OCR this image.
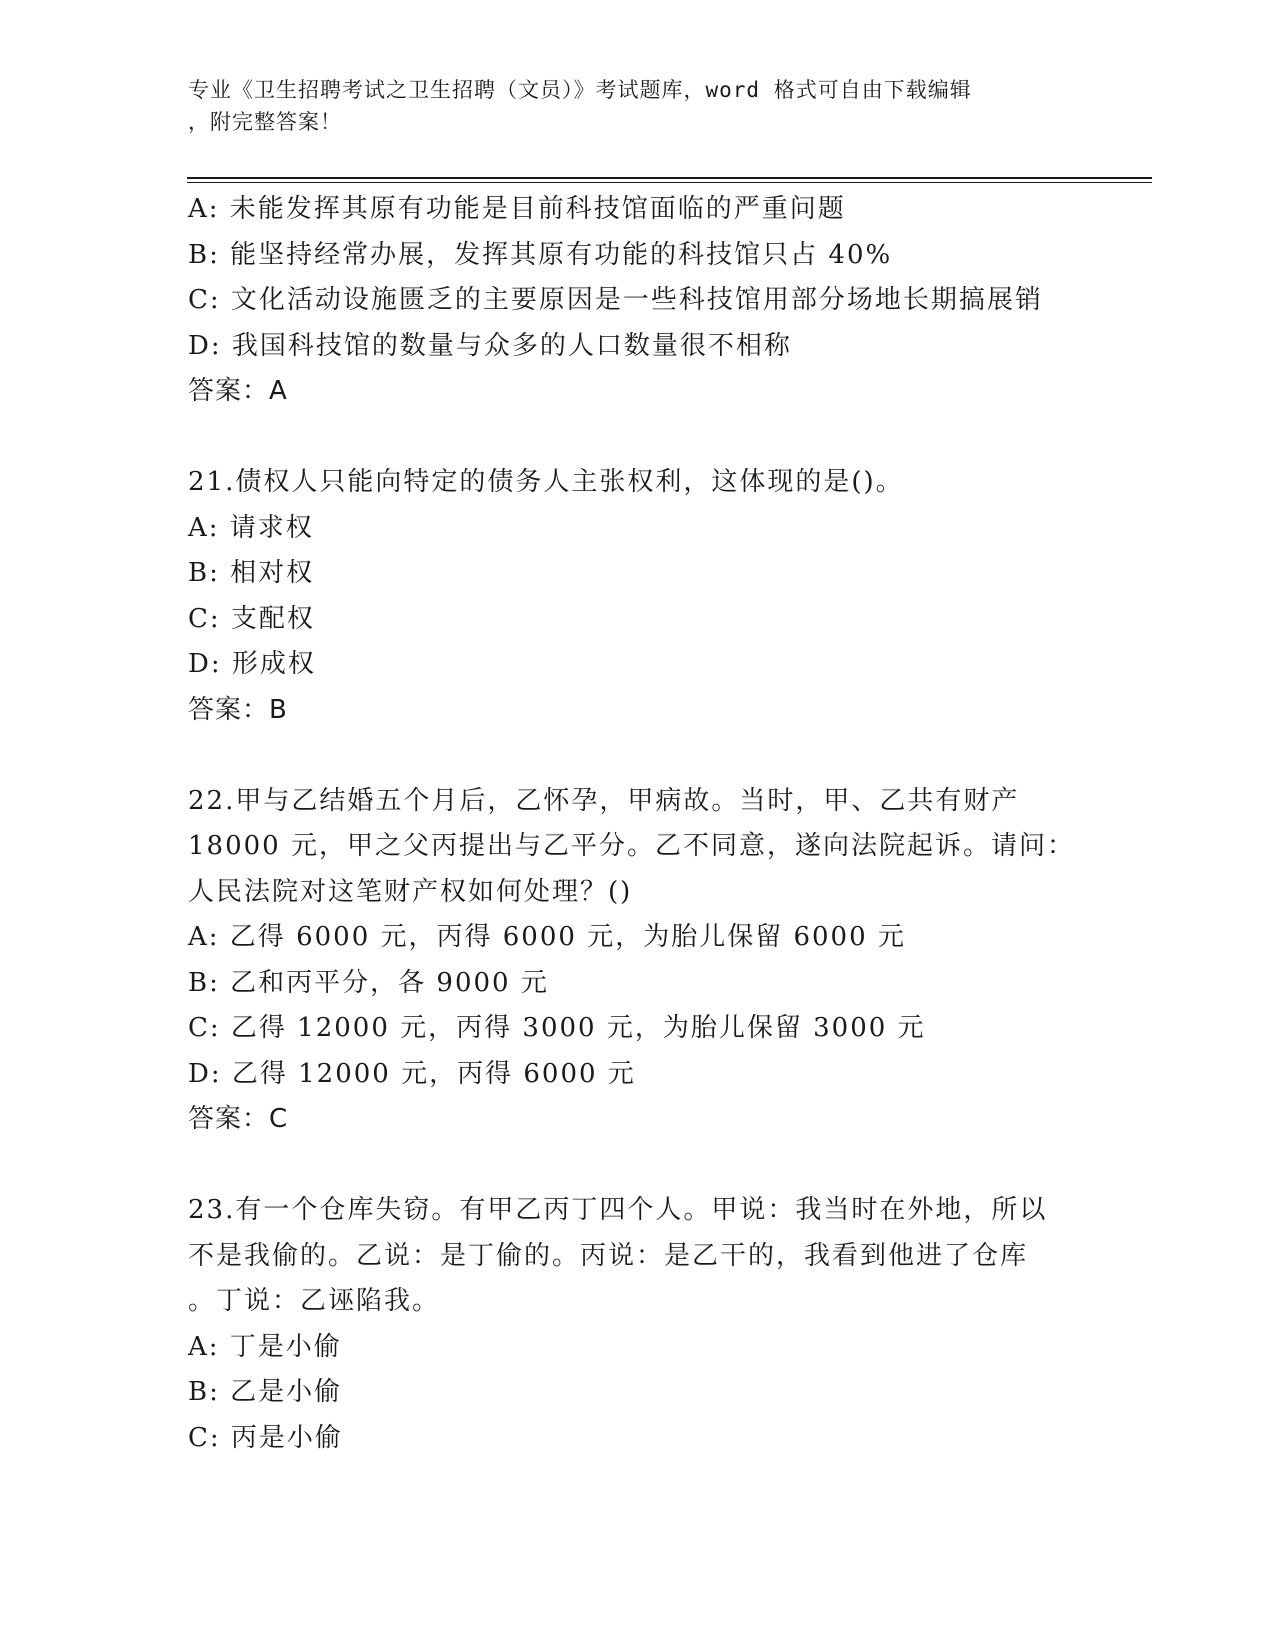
专业《卫生招聘考试之卫生招聘（文员）》考试题库，word 格式可自由下载编辑
，附完整答案！
A: 未能发挥其原有功能是目前科技馆面临的严重问题
B: 能坚持经常办展，发挥其原有功能的科技馆只占 40%
C: 文化活动设施匮乏的主要原因是一些科技馆用部分场地长期搞展销
D: 我国科技馆的数量与众多的人口数量很不相称
答案：A
21.债权人只能向特定的债务人主张权利，这体现的是()。
A: 请求权
B: 相对权
C: 支配权
D: 形成权
答案：B
22.甲与乙结婚五个月后，乙怀孕，甲病故。当时，甲、乙共有财产
18000 元，甲之父丙提出与乙平分。乙不同意，遂向法院起诉。请问：
人民法院对这笔财产权如何处理？()
A: 乙得 6000 元，丙得 6000 元，为胎儿保留 6000 元
B: 乙和丙平分，各 9000 元
C: 乙得 12000 元，丙得 3000 元，为胎儿保留 3000 元
D: 乙得 12000 元，丙得 6000 元
答案：C
23.有一个仓库失窃。有甲乙丙丁四个人。甲说：我当时在外地，所以
不是我偷的。乙说：是丁偷的。丙说：是乙干的，我看到他进了仓库
。丁说：乙诬陷我。
A: 丁是小偷
B: 乙是小偷
C: 丙是小偷
